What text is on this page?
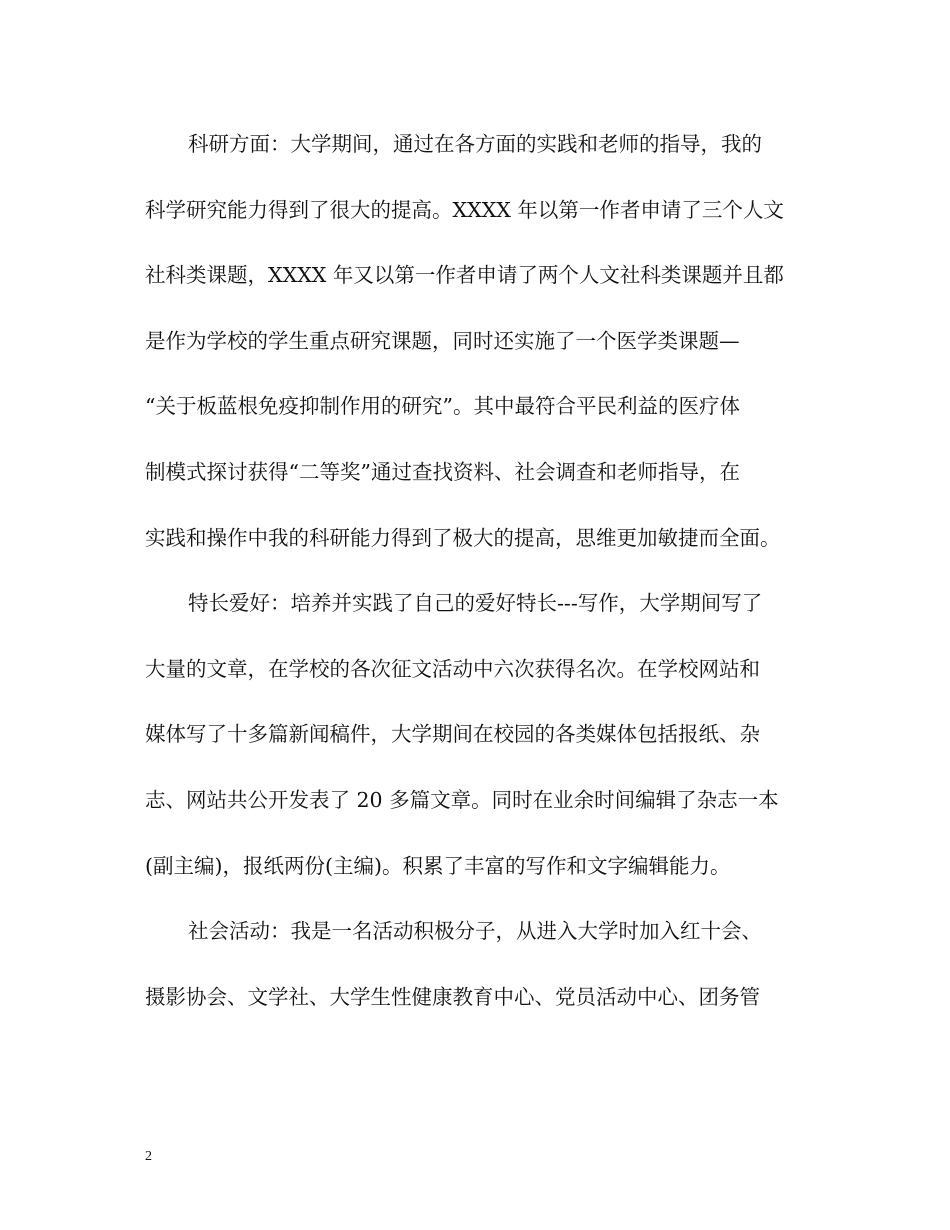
科研方面：大学期间，通过在各方面的实践和老师的指导，我的
科学研究能力得到了很大的提高。XXXX 年以第一作者申请了三个人文
社科类课题，XXXX 年又以第一作者申请了两个人文社科类课题并且都
是作为学校的学生重点研究课题，同时还实施了一个医学类课题—
“关于板蓝根免疫抑制作用的研究”。其中最符合平民利益的医疗体
制模式探讨获得“二等奖”通过查找资料、社会调查和老师指导，在
实践和操作中我的科研能力得到了极大的提高，思维更加敏捷而全面。
特长爱好：培养并实践了自己的爱好特长---写作，大学期间写了
大量的文章，在学校的各次征文活动中六次获得名次。在学校网站和
媒体写了十多篇新闻稿件，大学期间在校园的各类媒体包括报纸、杂
志、网站共公开发表了 20 多篇文章。同时在业余时间编辑了杂志一本
(副主编)，报纸两份(主编)。积累了丰富的写作和文字编辑能力。
社会活动：我是一名活动积极分子，从进入大学时加入红十会、
摄影协会、文学社、大学生性健康教育中心、党员活动中心、团务管
2
